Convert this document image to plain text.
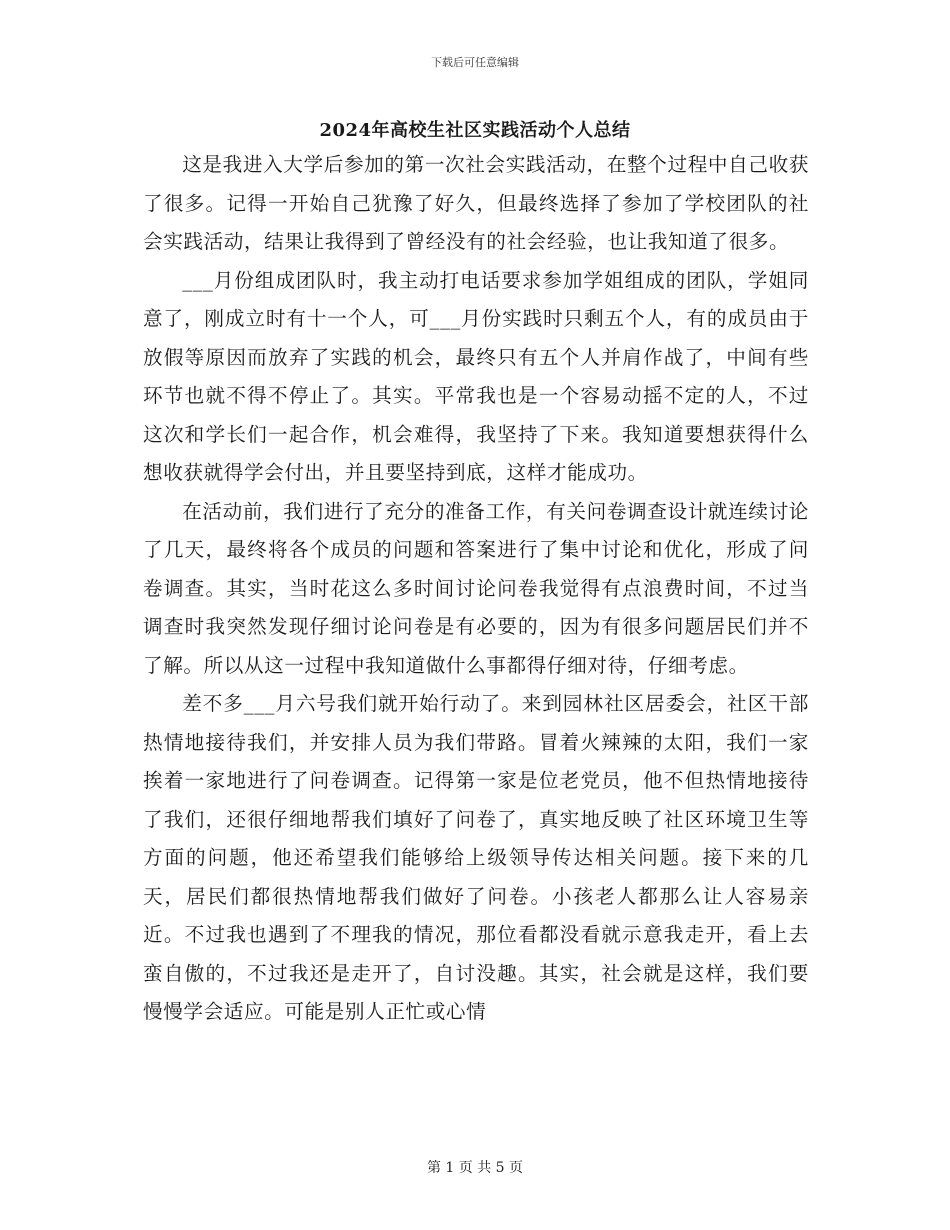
下载后可任意编辑
2024年高校生社区实践活动个人总结

这是我进入大学后参加的第一次社会实践活动，在整个过程中自己收获了很多。记得一开始自己犹豫了好久，但最终选择了参加了学校团队的社会实践活动，结果让我得到了曾经没有的社会经验，也让我知道了很多。

___月份组成团队时，我主动打电话要求参加学姐组成的团队，学姐同意了，刚成立时有十一个人，可___月份实践时只剩五个人，有的成员由于放假等原因而放弃了实践的机会，最终只有五个人并肩作战了，中间有些环节也就不得不停止了。其实。平常我也是一个容易动摇不定的人，不过这次和学长们一起合作，机会难得，我坚持了下来。我知道要想获得什么想收获就得学会付出，并且要坚持到底，这样才能成功。

在活动前，我们进行了充分的准备工作，有关问卷调查设计就连续讨论了几天，最终将各个成员的问题和答案进行了集中讨论和优化，形成了问卷调查。其实，当时花这么多时间讨论问卷我觉得有点浪费时间，不过当调查时我突然发现仔细讨论问卷是有必要的，因为有很多问题居民们并不了解。所以从这一过程中我知道做什么事都得仔细对待，仔细考虑。

差不多___月六号我们就开始行动了。来到园林社区居委会，社区干部热情地接待我们，并安排人员为我们带路。冒着火辣辣的太阳，我们一家挨着一家地进行了问卷调查。记得第一家是位老党员，他不但热情地接待了我们，还很仔细地帮我们填好了问卷了，真实地反映了社区环境卫生等方面的问题，他还希望我们能够给上级领导传达相关问题。接下来的几天，居民们都很热情地帮我们做好了问卷。小孩老人都那么让人容易亲近。不过我也遇到了不理我的情况，那位看都没看就示意我走开，看上去蛮自傲的，不过我还是走开了，自讨没趣。其实，社会就是这样，我们要慢慢学会适应。可能是别人正忙或心情

第 1 页 共 5 页
